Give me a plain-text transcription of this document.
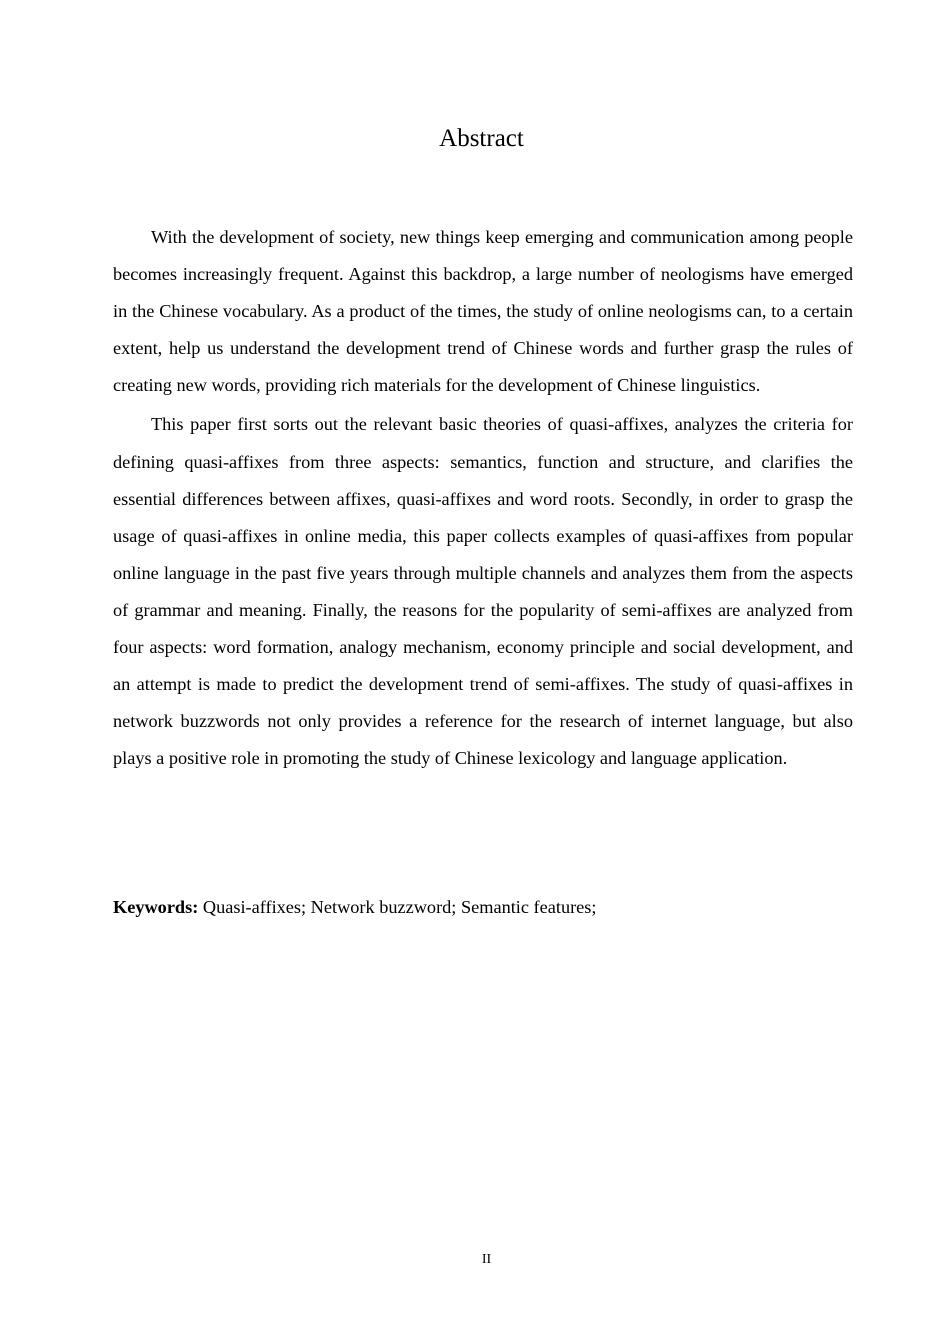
Abstract

With the development of society, new things keep emerging and communication among people becomes increasingly frequent. Against this backdrop, a large number of neologisms have emerged in the Chinese vocabulary. As a product of the times, the study of online neologisms can, to a certain extent, help us understand the development trend of Chinese words and further grasp the rules of creating new words, providing rich materials for the development of Chinese linguistics.

This paper first sorts out the relevant basic theories of quasi-affixes, analyzes the criteria for defining quasi-affixes from three aspects: semantics, function and structure, and clarifies the essential differences between affixes, quasi-affixes and word roots. Secondly, in order to grasp the usage of quasi-affixes in online media, this paper collects examples of quasi-affixes from popular online language in the past five years through multiple channels and analyzes them from the aspects of grammar and meaning. Finally, the reasons for the popularity of semi-affixes are analyzed from four aspects: word formation, analogy mechanism, economy principle and social development, and an attempt is made to predict the development trend of semi-affixes. The study of quasi-affixes in network buzzwords not only provides a reference for the research of internet language, but also plays a positive role in promoting the study of Chinese lexicology and language application.

Keywords: Quasi-affixes; Network buzzword; Semantic features;

II
